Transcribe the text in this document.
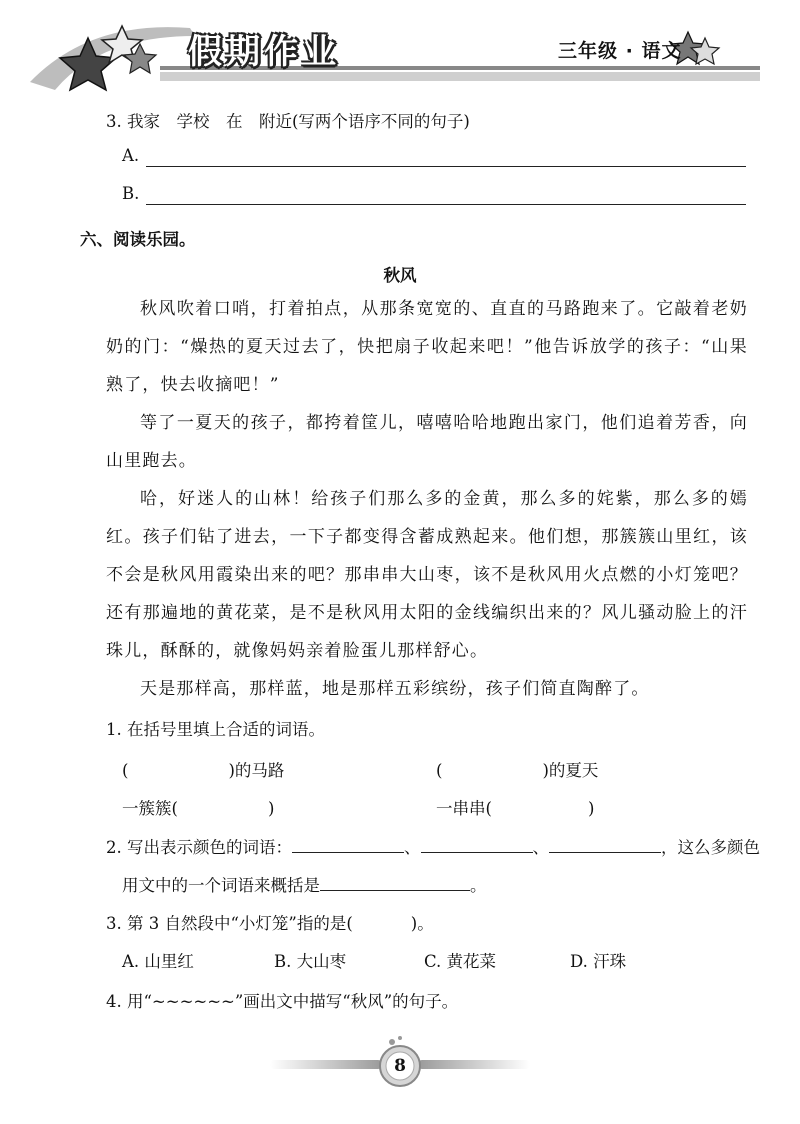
假期作业	三年级 · 语文
3. 我家　学校　在　附近(写两个语序不同的句子)
A.
B.
六、阅读乐园。
秋风

秋风吹着口哨，打着拍点，从那条宽宽的、直直的马路跑来了。它敲着老奶奶的门：“燥热的夏天过去了，快把扇子收起来吧！”他告诉放学的孩子：“山果熟了，快去收摘吧！”

等了一夏天的孩子，都挎着筐儿，嘻嘻哈哈地跑出家门，他们追着芳香，向山里跑去。

哈，好迷人的山林！给孩子们那么多的金黄，那么多的姹紫，那么多的嫣红。孩子们钻了进去，一下子都变得含蓄成熟起来。他们想，那簇簇山里红，该不会是秋风用霞染出来的吧？那串串大山枣，该不是秋风用火点燃的小灯笼吧？还有那遍地的黄花菜，是不是秋风用太阳的金线编织出来的？风儿骚动脸上的汗珠儿，酥酥的，就像妈妈亲着脸蛋儿那样舒心。

天是那样高，那样蓝，地是那样五彩缤纷，孩子们简直陶醉了。

1. 在括号里填上合适的词语。
(	)的马路	(	)的夏天
一簇簇(	)	一串串(	)
2. 写出表示颜色的词语：	、	、	，这么多颜色
用文中的一个词语来概括是	。
3. 第 3 自然段中“小灯笼”指的是(	)。
A. 山里红	B. 大山枣	C. 黄花菜	D. 汗珠
4. 用“~~~~~~”画出文中描写“秋风”的句子。
8
